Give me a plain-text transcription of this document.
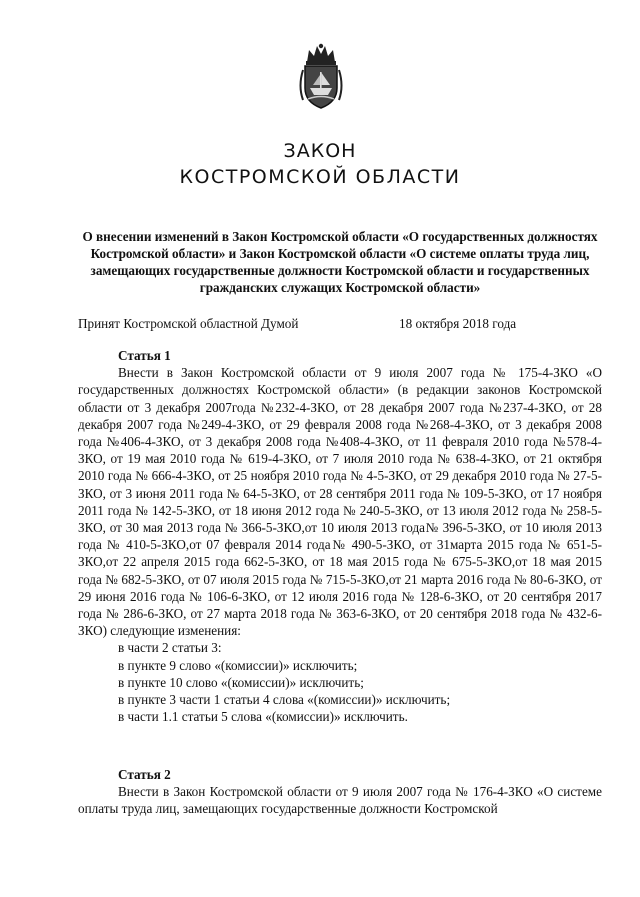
ЗАКОН
КОСТРОМСКОЙ ОБЛАСТИ
О внесении изменений в Закон Костромской области «О государственных должностях Костромской области» и Закон Костромской области «О системе оплаты труда лиц, замещающих государственные должности Костромской области и государственных гражданских служащих Костромской области»
Принят Костромской областной Думой	18 октября 2018 года
Статья 1
Внести в Закон Костромской области от 9 июля 2007 года № 175-4-ЗКО «О государственных должностях Костромской области» (в редакции законов Костромской области от 3 декабря 2007года №232-4-ЗКО, от 28 декабря 2007 года №237-4-ЗКО, от 28 декабря 2007 года №249-4-ЗКО, от 29 февраля 2008 года №268-4-ЗКО, от 3 декабря 2008 года №406-4-ЗКО, от 3 декабря 2008 года №408-4-ЗКО, от 11 февраля 2010 года №578-4-ЗКО, от 19 мая 2010 года № 619-4-ЗКО, от 7 июля 2010 года № 638-4-ЗКО, от 21 октября 2010 года № 666-4-ЗКО, от 25 ноября 2010 года № 4-5-ЗКО, от 29 декабря 2010 года № 27-5-ЗКО, от 3 июня 2011 года № 64-5-ЗКО, от 28 сентября 2011 года № 109-5-ЗКО, от 17 ноября 2011 года № 142-5-ЗКО, от 18 июня 2012 года № 240-5-ЗКО, от 13 июля 2012 года № 258-5-ЗКО, от 30 мая 2013 года № 366-5-ЗКО,от 10 июля 2013 года№ 396-5-ЗКО, от 10 июля 2013 года № 410-5-ЗКО,от 07 февраля 2014 года№ 490-5-ЗКО, от 31марта 2015 года № 651-5-ЗКО,от 22 апреля 2015 года 662-5-ЗКО, от 18 мая 2015 года № 675-5-ЗКО,от 18 мая 2015 года № 682-5-ЗКО, от 07 июля 2015 года № 715-5-ЗКО,от 21 марта 2016 года № 80-6-ЗКО, от 29 июня 2016 года № 106-6-ЗКО, от 12 июля 2016 года № 128-6-ЗКО, от 20 сентября 2017 года № 286-6-ЗКО, от 27 марта 2018 года № 363-6-ЗКО, от 20 сентября 2018 года № 432-6-ЗКО) следующие изменения:
в части 2 статьи 3:
в пункте 9 слово «(комиссии)» исключить;
в пункте 10 слово «(комиссии)» исключить;
в пункте 3 части 1 статьи 4 слова «(комиссии)» исключить;
в части 1.1 статьи 5 слова «(комиссии)» исключить.
Статья 2
Внести в Закон Костромской области от 9 июля 2007 года № 176-4-ЗКО «О системе оплаты труда лиц, замещающих государственные должности Костромской
